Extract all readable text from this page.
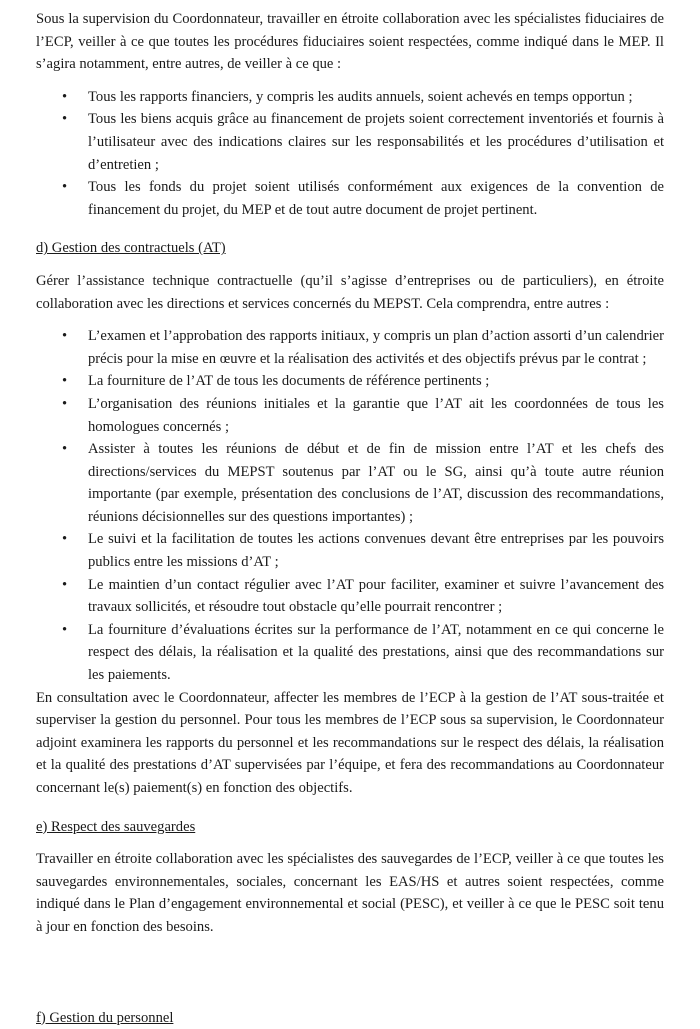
Sous la supervision du Coordonnateur, travailler en étroite collaboration avec les spécialistes fiduciaires de l’ECP, veiller à ce que toutes les procédures fiduciaires soient respectées, comme indiqué dans le MEP. Il s’agira notamment, entre autres, de veiller à ce que :

• Tous les rapports financiers, y compris les audits annuels, soient achevés en temps opportun ;
• Tous les biens acquis grâce au financement de projets soient correctement inventoriés et fournis à l’utilisateur avec des indications claires sur les responsabilités et les procédures d’utilisation et d’entretien ;
• Tous les fonds du projet soient utilisés conformément aux exigences de la convention de financement du projet, du MEP et de tout autre document de projet pertinent.
d) Gestion des contractuels (AT)

Gérer l’assistance technique contractuelle (qu’il s’agisse d’entreprises ou de particuliers), en étroite collaboration avec les directions et services concernés du MEPST. Cela comprendra, entre autres :

• L’examen et l’approbation des rapports initiaux, y compris un plan d’action assorti d’un calendrier précis pour la mise en œuvre et la réalisation des activités et des objectifs prévus par le contrat ;
• La fourniture de l’AT de tous les documents de référence pertinents ;
• L’organisation des réunions initiales et la garantie que l’AT ait les coordonnées de tous les homologues concernés ;
• Assister à toutes les réunions de début et de fin de mission entre l’AT et les chefs des directions/services du MEPST soutenus par l’AT ou le SG, ainsi qu’à toute autre réunion importante (par exemple, présentation des conclusions de l’AT, discussion des recommandations, réunions décisionnelles sur des questions importantes) ;
• Le suivi et la facilitation de toutes les actions convenues devant être entreprises par les pouvoirs publics entre les missions d’AT ;
• Le maintien d’un contact régulier avec l’AT pour faciliter, examiner et suivre l’avancement des travaux sollicités, et résoudre tout obstacle qu’elle pourrait rencontrer ;
• La fourniture d’évaluations écrites sur la performance de l’AT, notamment en ce qui concerne le respect des délais, la réalisation et la qualité des prestations, ainsi que des recommandations sur les paiements.

En consultation avec le Coordonnateur, affecter les membres de l’ECP à la gestion de l’AT sous-traitée et superviser la gestion du personnel. Pour tous les membres de l’ECP sous sa supervision, le Coordonnateur adjoint examinera les rapports du personnel et les recommandations sur le respect des délais, la réalisation et la qualité des prestations d’AT supervisées par l’équipe, et fera des recommandations au Coordonnateur concernant le(s) paiement(s) en fonction des objectifs.

e) Respect des sauvegardes

Travailler en étroite collaboration avec les spécialistes des sauvegardes de l’ECP, veiller à ce que toutes les sauvegardes environnementales, sociales, concernant les EAS/HS et autres soient respectées, comme indiqué dans le Plan d’engagement environnemental et social (PESC), et veiller à ce que le PESC soit tenu à jour en fonction des besoins.

f) Gestion du personnel
